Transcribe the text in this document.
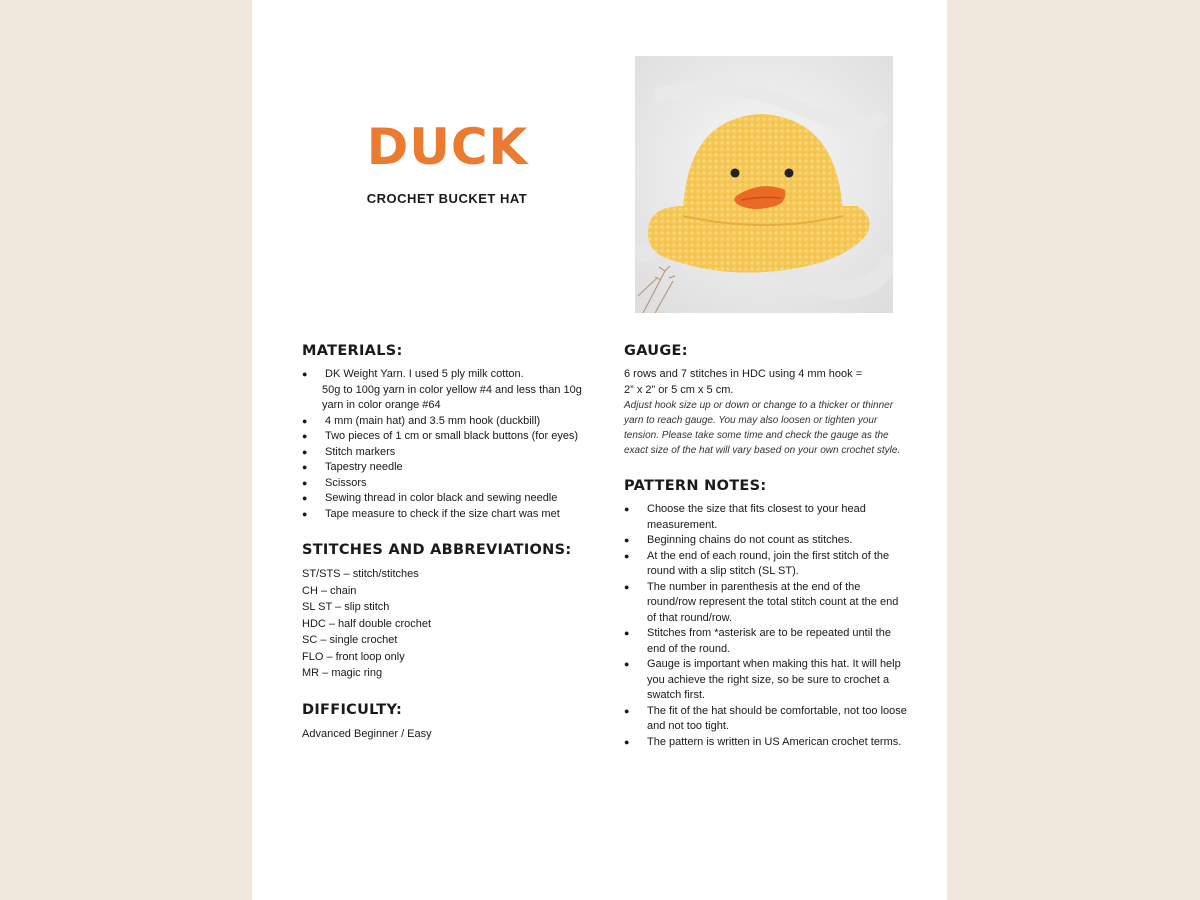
DUCK
CROCHET BUCKET HAT
MATERIALS:
● DK Weight Yarn. I used 5 ply milk cotton.
50g to 100g yarn in color yellow #4 and less than 10g yarn in color orange #64
● 4 mm (main hat) and 3.5 mm hook (duckbill)
● Two pieces of 1 cm or small black buttons (for eyes)
● Stitch markers
● Tapestry needle
● Scissors
● Sewing thread in color black and sewing needle
● Tape measure to check if the size chart was met
STITCHES AND ABBREVIATIONS:
ST/STS – stitch/stitches
CH – chain
SL ST – slip stitch
HDC – half double crochet
SC – single crochet
FLO – front loop only
MR – magic ring
DIFFICULTY:
Advanced Beginner / Easy
GAUGE:
6 rows and 7 stitches in HDC using 4 mm hook =
2” x 2” or 5 cm x 5 cm.
Adjust hook size up or down or change to a thicker or thinner yarn to reach gauge. You may also loosen or tighten your tension. Please take some time and check the gauge as the exact size of the hat will vary based on your own crochet style.
PATTERN NOTES:
● Choose the size that fits closest to your head measurement.
● Beginning chains do not count as stitches.
● At the end of each round, join the first stitch of the round with a slip stitch (SL ST).
● The number in parenthesis at the end of the round/row represent the total stitch count at the end of that round/row.
● Stitches from *asterisk are to be repeated until the end of the round.
● Gauge is important when making this hat. It will help you achieve the right size, so be sure to crochet a swatch first.
● The fit of the hat should be comfortable, not too loose and not too tight.
● The pattern is written in US American crochet terms.
